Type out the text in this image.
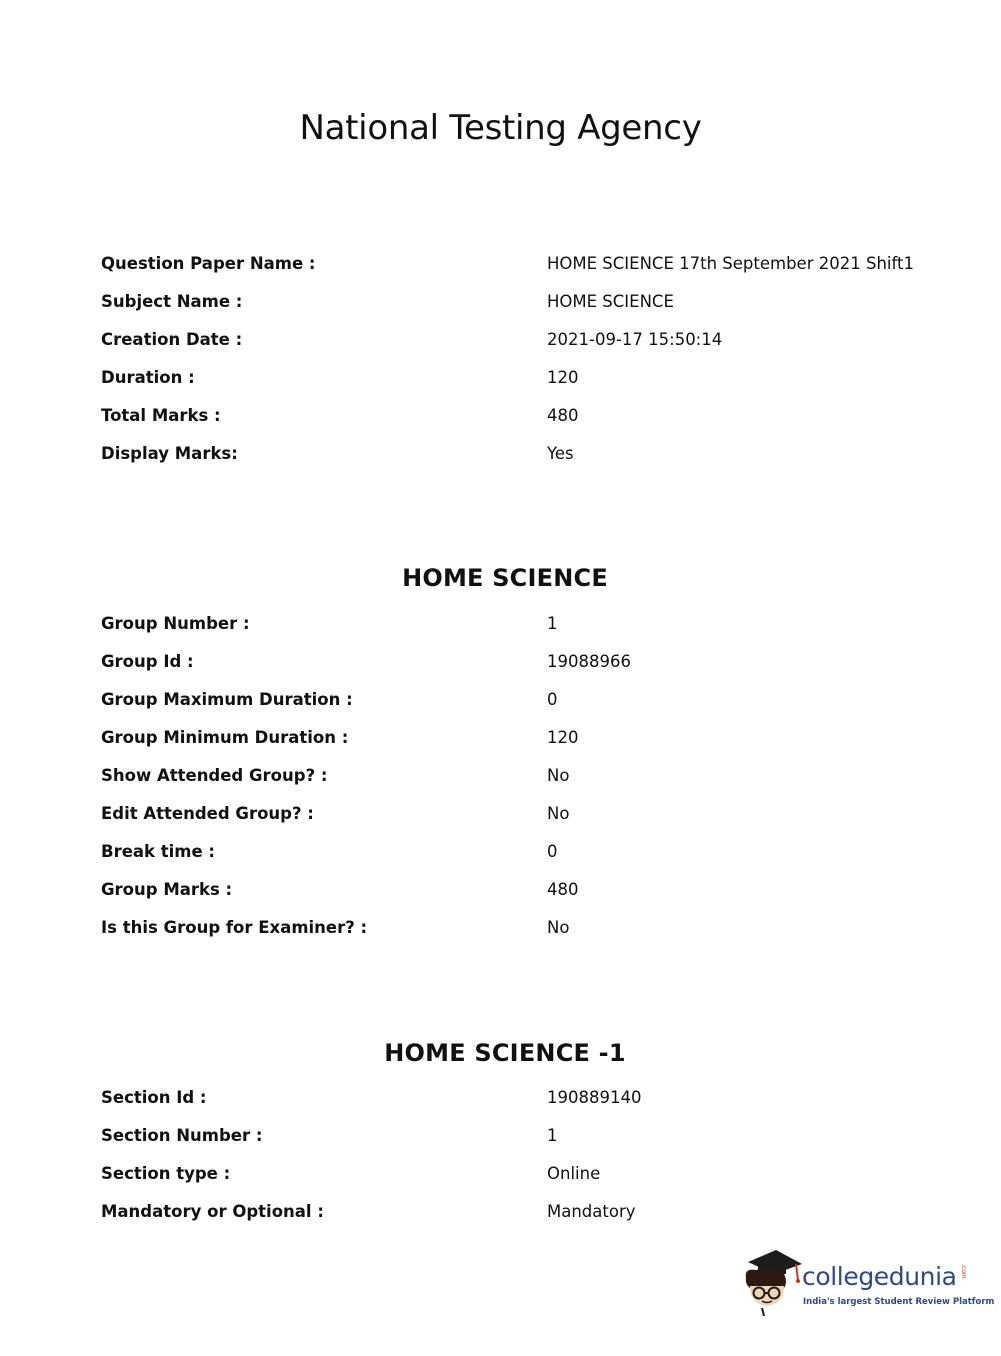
National Testing Agency
Question Paper Name :	HOME SCIENCE 17th September 2021 Shift1
Subject Name :	HOME SCIENCE
Creation Date :	2021-09-17 15:50:14
Duration :	120
Total Marks :	480
Display Marks:	Yes
HOME SCIENCE
Group Number :	1
Group Id :	19088966
Group Maximum Duration :	0
Group Minimum Duration :	120
Show Attended Group? :	No
Edit Attended Group? :	No
Break time :	0
Group Marks :	480
Is this Group for Examiner? :	No
HOME SCIENCE -1
Section Id :	190889140
Section Number :	1
Section type :	Online
Mandatory or Optional :	Mandatory
collegedunia .com
India's largest Student Review Platform
